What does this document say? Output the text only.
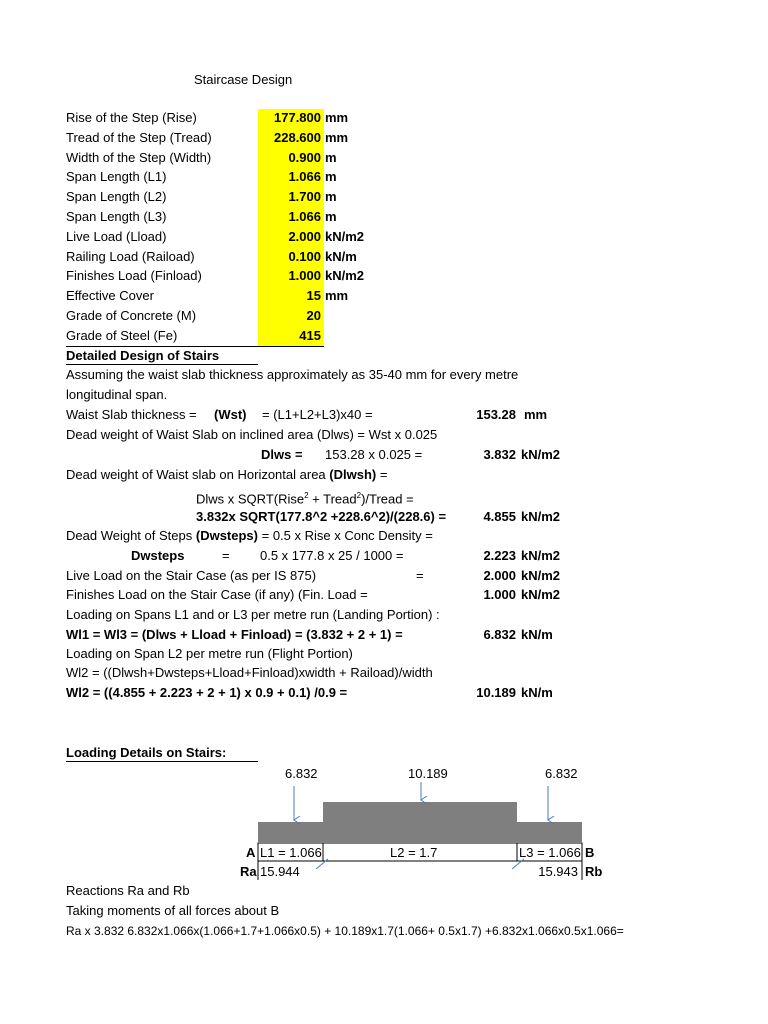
Staircase Design
Rise of the Step (Rise)	177.800 mm
Tread of the Step (Tread)	228.600 mm
Width of the Step (Width)	0.900 m
Span Length (L1)	1.066 m
Span Length (L2)	1.700 m
Span Length (L3)	1.066 m
Live Load (Lload)	2.000 kN/m2
Railing Load (Raiload)	0.100 kN/m
Finishes Load (Finload)	1.000 kN/m2
Effective Cover	15 mm
Grade of Concrete (M)	20
Grade of Steel (Fe)	415
Detailed Design of Stairs
Assuming the waist slab thickness approximately as 35-40 mm for every metre
longitudinal span.
Waist Slab thickness = (Wst) = (L1+L2+L3)x40 =	153.28 mm
Dead weight of Waist Slab on inclined area (Dlws) = Wst x 0.025
Dlws = 153.28 x 0.025 =	3.832 kN/m2
Dead weight of Waist slab on Horizontal area (Dlwsh) =
Dlws x SQRT(Rise$^2$ + Tread$^2$)/Tread =
3.832x SQRT(177.8^2 +228.6^2)/(228.6) =	4.855 kN/m2
Dead Weight of Steps (Dwsteps) = 0.5 x Rise x Conc Density =
Dwsteps	= 0.5 x 177.8 x 25 / 1000 =	2.223 kN/m2
Live Load on the Stair Case (as per IS 875)	=	2.000 kN/m2
Finishes Load on the Stair Case (if any) (Fin. Load =	1.000 kN/m2
Loading on Spans L1 and or L3 per metre run (Landing Portion) :
Wl1 = Wl3 = (Dlws + Lload + Finload) = (3.832 + 2 + 1) =	6.832 kN/m
Loading on Span L2 per metre run (Flight Portion)
Wl2 = ((Dlwsh+Dwsteps+Lload+Finload)xwidth + Raiload)/width
Wl2 = ((4.855 + 2.223 + 2 + 1) x 0.9 + 0.1) /0.9 =	10.189 kN/m
Loading Details on Stairs:
6.832	10.189	6.832
A L1 = 1.066	L2 = 1.7	L3 = 1.066 B
Ra 15.944	15.943 Rb
Reactions Ra and Rb
Taking moments of all forces about B
Ra x 3.832 6.832x1.066x(1.066+1.7+1.066x0.5) + 10.189x1.7(1.066+ 0.5x1.7) +6.832x1.066x0.5x1.066=
